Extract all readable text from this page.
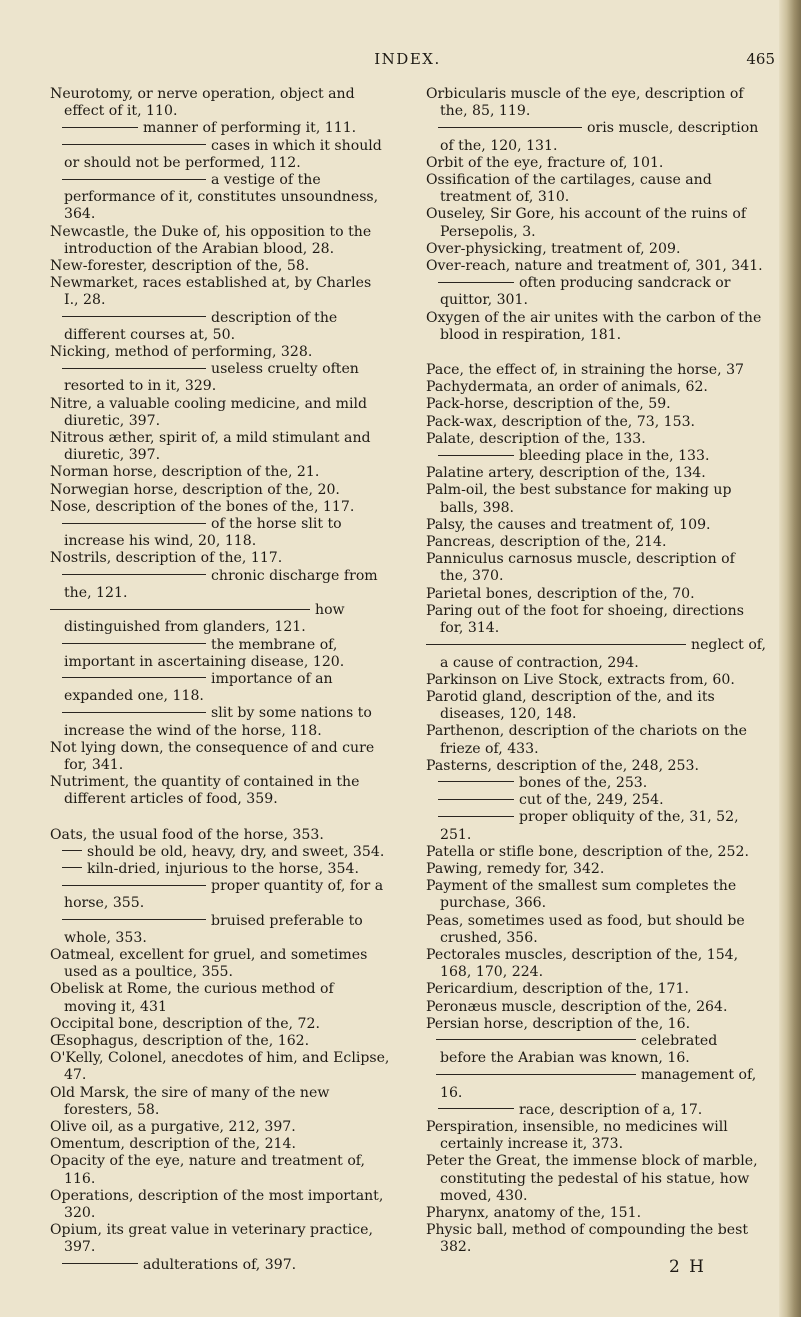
INDEX.	465

Neurotomy, or nerve operation, object and effect of it, 110.

manner of performing it, 111.

cases in which it should or should not be performed, 112.

a vestige of the performance of it, constitutes unsoundness, 364.

Newcastle, the Duke of, his opposition to the introduction of the Arabian blood, 28.

New-forester, description of the, 58.

Newmarket, races established at, by Charles I., 28.

description of the different courses at, 50.

Nicking, method of performing, 328.

useless cruelty often resorted to in it, 329.

Nitre, a valuable cooling medicine, and mild diuretic, 397.

Nitrous æther, spirit of, a mild stimulant and diuretic, 397.

Norman horse, description of the, 21.

Norwegian horse, description of the, 20.

Nose, description of the bones of the, 117.

of the horse slit to increase his wind, 20, 118.

Nostrils, description of the, 117.

chronic discharge from the, 121.

how distinguished from glanders, 121.

the membrane of, important in ascertaining disease, 120.

importance of an expanded one, 118.

slit by some nations to increase the wind of the horse, 118.

Not lying down, the consequence of and cure for, 341.

Nutriment, the quantity of contained in the different articles of food, 359.

Oats, the usual food of the horse, 353.

should be old, heavy, dry, and sweet, 354.

kiln-dried, injurious to the horse, 354.

proper quantity of, for a horse, 355.

bruised preferable to whole, 353.

Oatmeal, excellent for gruel, and sometimes used as a poultice, 355.

Obelisk at Rome, the curious method of moving it, 431

Occipital bone, description of the, 72.

Œsophagus, description of the, 162.

O'Kelly, Colonel, anecdotes of him, and Eclipse, 47.

Old Marsk, the sire of many of the new foresters, 58.

Olive oil, as a purgative, 212, 397.

Omentum, description of the, 214.

Opacity of the eye, nature and treatment of, 116.

Operations, description of the most important, 320.

Opium, its great value in veterinary practice, 397.

adulterations of, 397.

Orbicularis muscle of the eye, description of the, 85, 119.

oris muscle, description of the, 120, 131.

Orbit of the eye, fracture of, 101.

Ossification of the cartilages, cause and treatment of, 310.

Ouseley, Sir Gore, his account of the ruins of Persepolis, 3.

Over-physicking, treatment of, 209.

Over-reach, nature and treatment of, 301, 341.

often producing sandcrack or quittor, 301.

Oxygen of the air unites with the carbon of the blood in respiration, 181.

Pace, the effect of, in straining the horse, 37

Pachydermata, an order of animals, 62.

Pack-horse, description of the, 59.

Pack-wax, description of the, 73, 153.

Palate, description of the, 133.

bleeding place in the, 133.

Palatine artery, description of the, 134.

Palm-oil, the best substance for making up balls, 398.

Palsy, the causes and treatment of, 109.

Pancreas, description of the, 214.

Panniculus carnosus muscle, description of the, 370.

Parietal bones, description of the, 70.

Paring out of the foot for shoeing, directions for, 314.

neglect of, a cause of contraction, 294.

Parkinson on Live Stock, extracts from, 60.

Parotid gland, description of the, and its diseases, 120, 148.

Parthenon, description of the chariots on the frieze of, 433.

Pasterns, description of the, 248, 253.

bones of the, 253.

cut of the, 249, 254.

proper obliquity of the, 31, 52, 251.

Patella or stifle bone, description of the, 252.

Pawing, remedy for, 342.

Payment of the smallest sum completes the purchase, 366.

Peas, sometimes used as food, but should be crushed, 356.

Pectorales muscles, description of the, 154, 168, 170, 224.

Pericardium, description of the, 171.

Peronæus muscle, description of the, 264.

Persian horse, description of the, 16.

celebrated before the Arabian was known, 16.

management of, 16.

race, description of a, 17.

Perspiration, insensible, no medicines will certainly increase it, 373.

Peter the Great, the immense block of marble, constituting the pedestal of his statue, how moved, 430.

Pharynx, anatomy of the, 151.

Physic ball, method of compounding the best 382.

2 H
